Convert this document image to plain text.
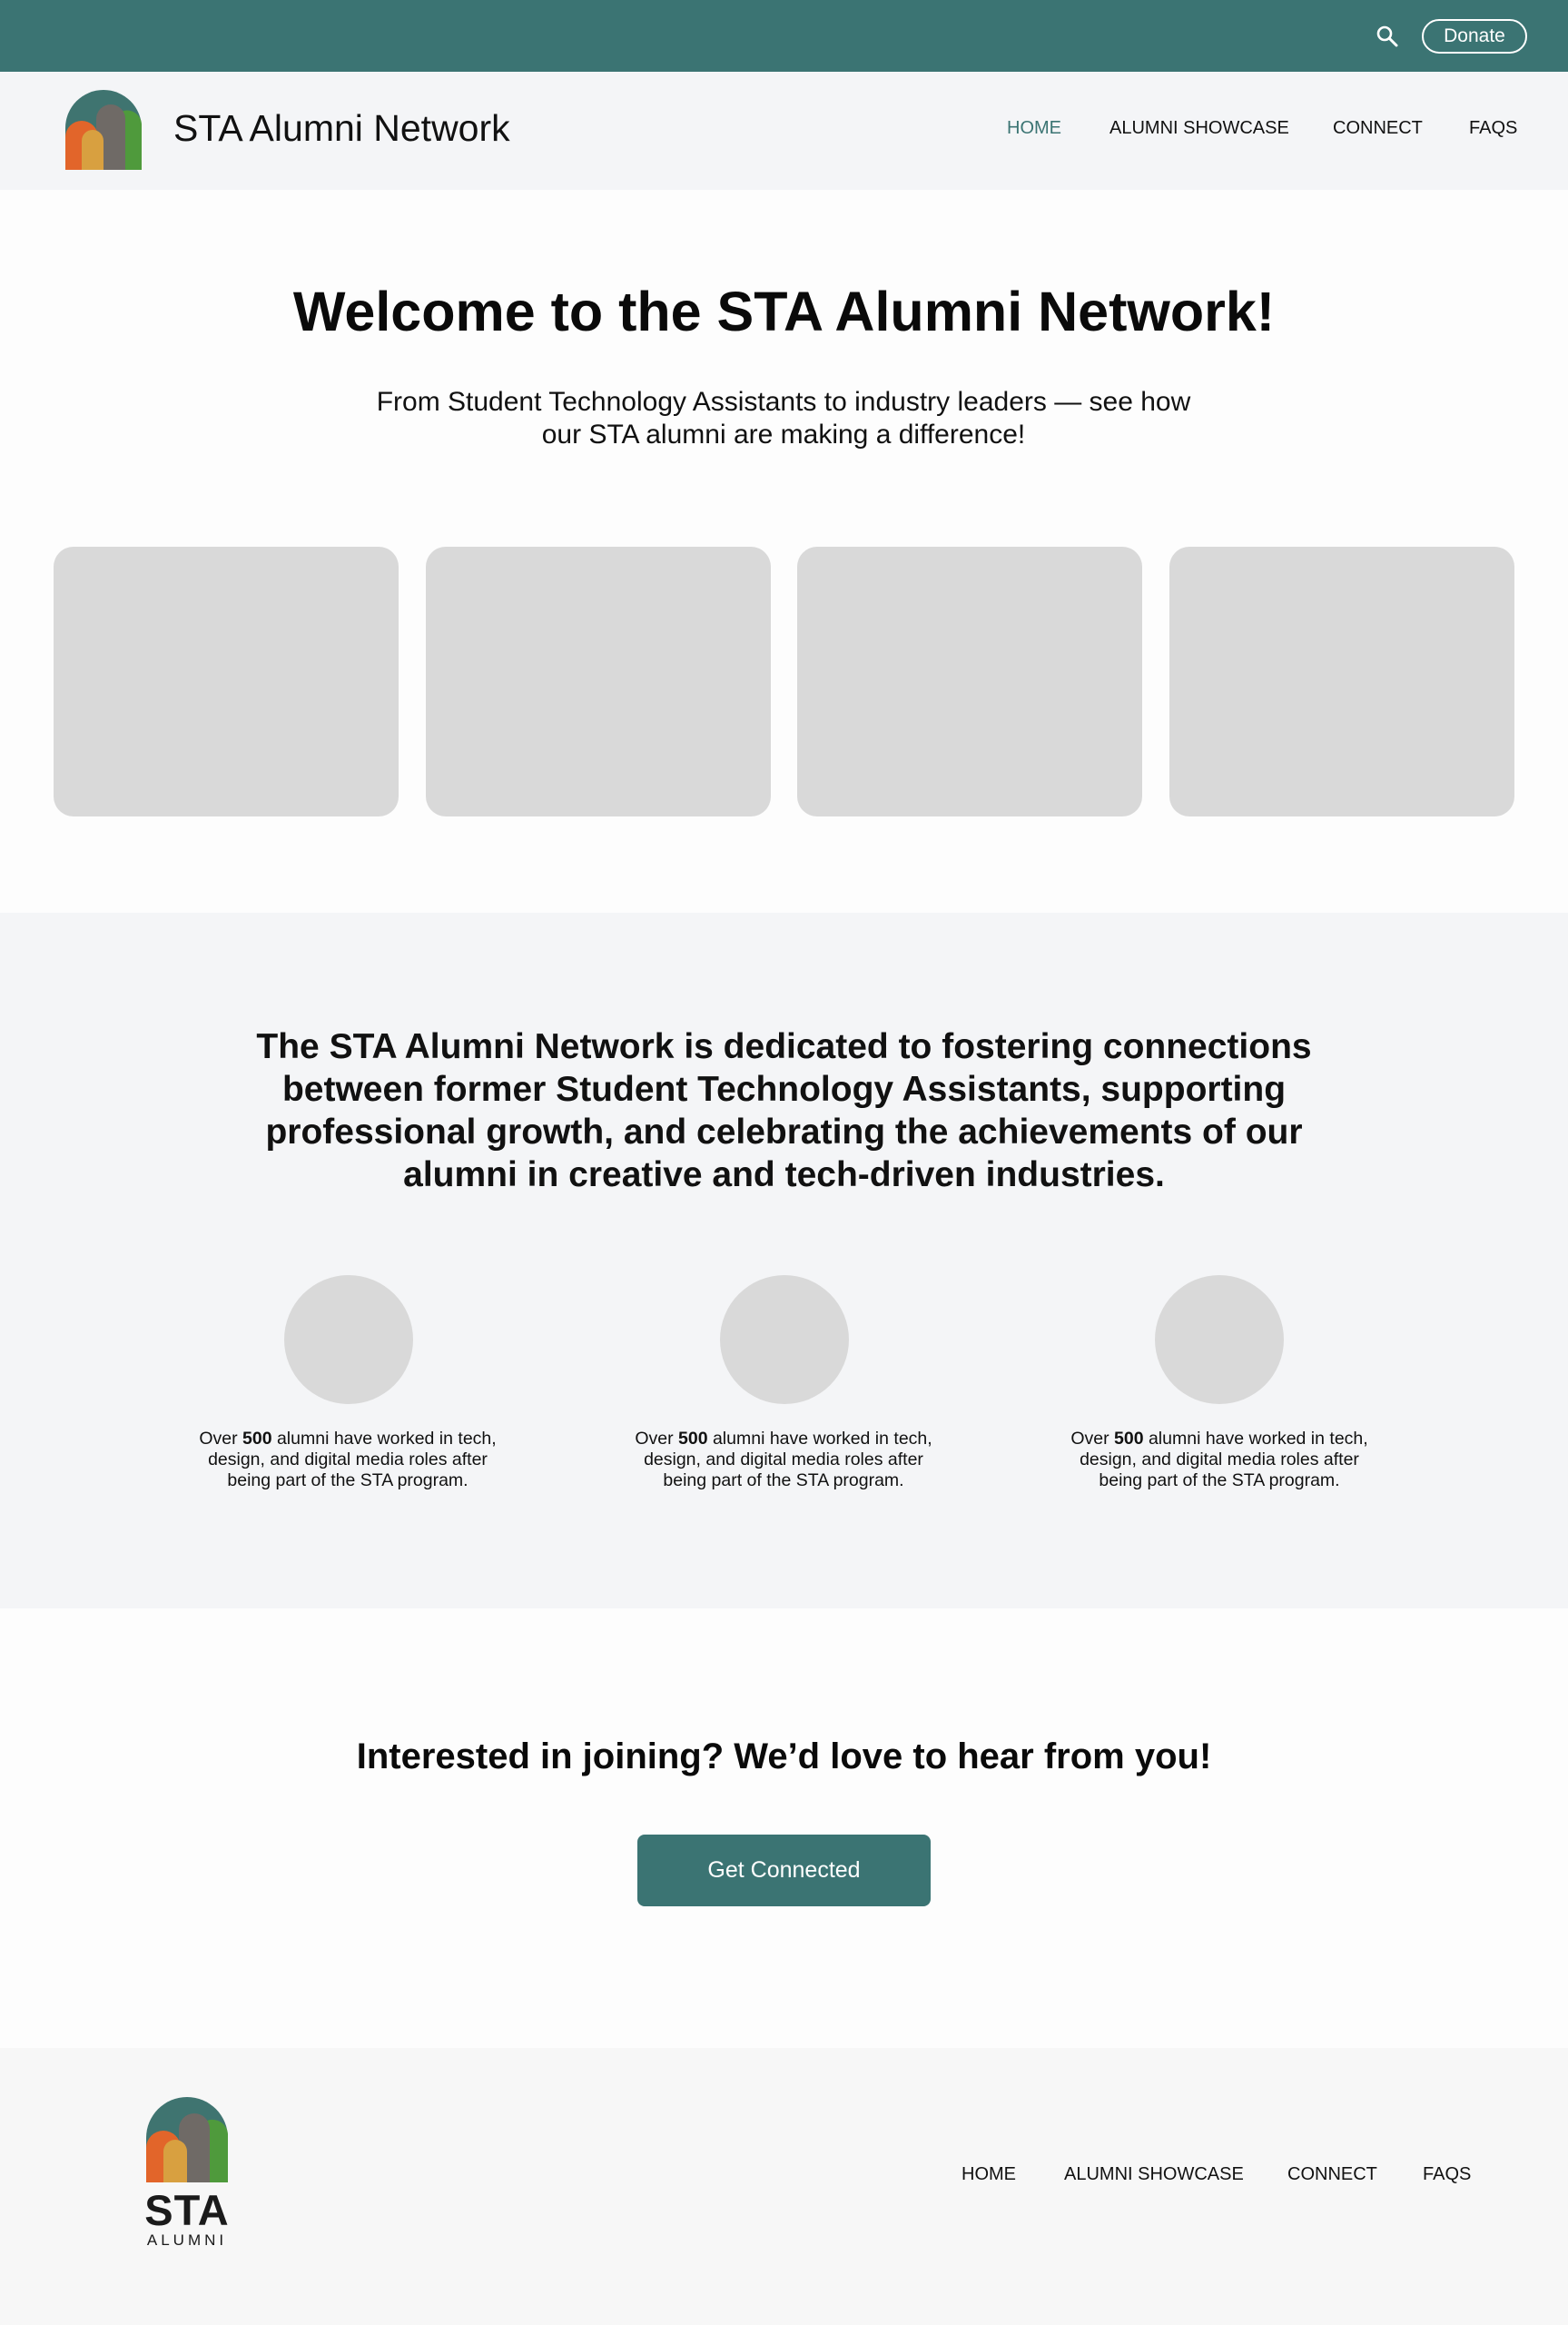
Donate
STA Alumni Network	HOME	ALUMNI SHOWCASE CONNECT	FAQS
Welcome to the STA Alumni Network!
From Student Technology Assistants to industry leaders — see how our STA alumni are making a difference!
The STA Alumni Network is dedicated to fostering connections between former Student Technology Assistants, supporting professional growth, and celebrating the achievements of our alumni in creative and tech-driven industries.
Over 500 alumni have worked in tech, design, and digital media roles after being part of the STA program.
Over 500 alumni have worked in tech, design, and digital media roles after being part of the STA program.
Over 500 alumni have worked in tech, design, and digital media roles after being part of the STA program.
Interested in joining? We’d love to hear from you!
Get Connected
STA
ALUMNI
HOME	ALUMNI SHOWCASE CONNECT	FAQS
